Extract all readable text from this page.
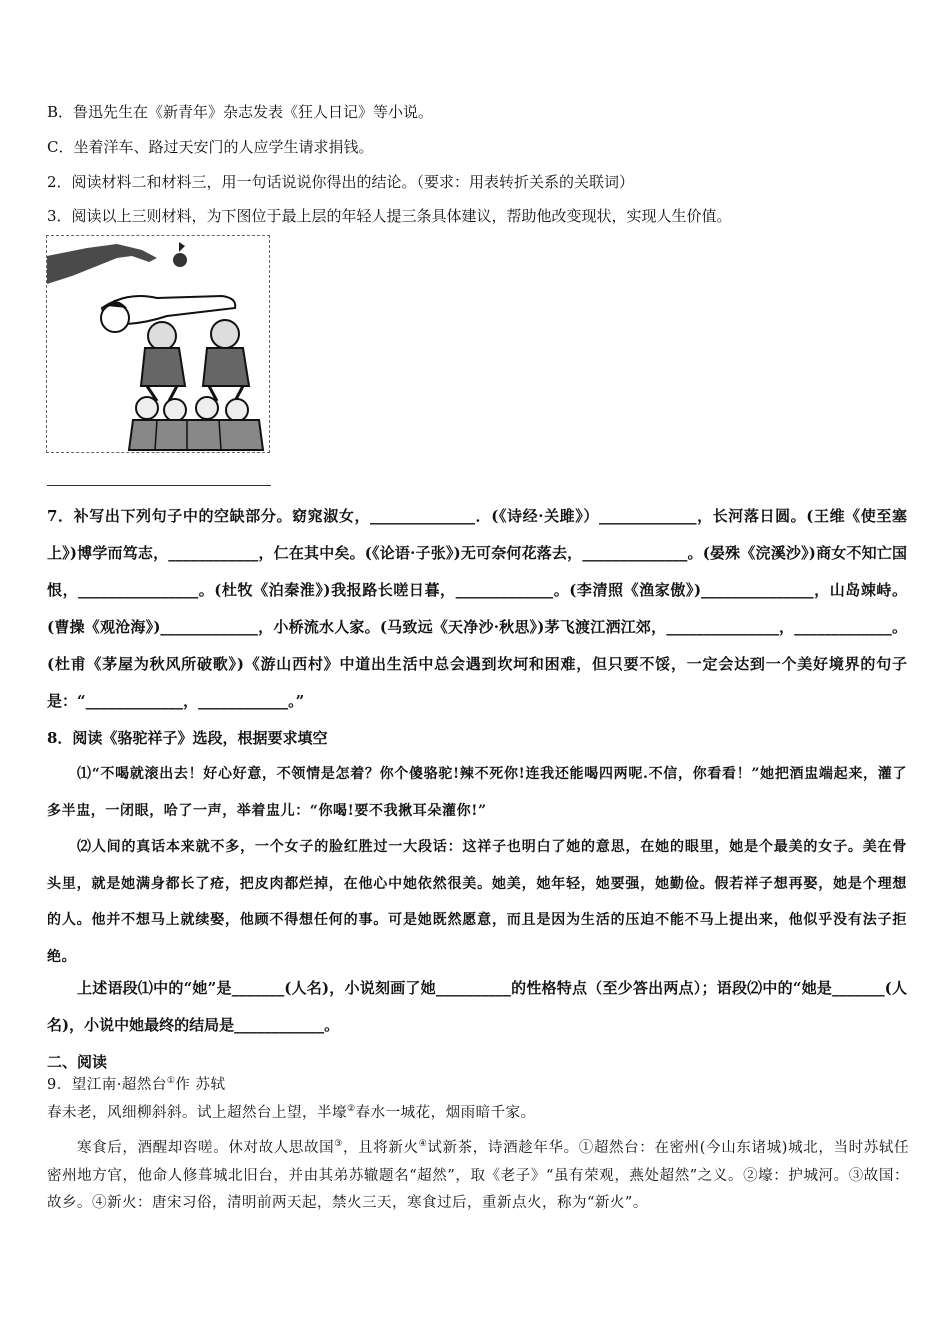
B．鲁迅先生在《新青年》杂志发表《狂人日记》等小说。
C．坐着洋车、路过天安门的人应学生请求捐钱。
2．阅读材料二和材料三，用一句话说说你得出的结论。（要求：用表转折关系的关联词）
3．阅读以上三则材料，为下图位于最上层的年轻人提三条具体建议，帮助他改变现状，实现人生价值。
7．补写出下列句子中的空缺部分。窈窕淑女，______________．(《诗经·关雎》）_____________，长河落日圆。(王维《使至塞上》)博学而笃志，____________，仁在其中矣。(《论语·子张》)无可奈何花落去，______________。(晏殊《浣溪沙》)商女不知亡国恨，________________。(杜牧《泊秦淮》)我报路长嗟日暮，_____________。(李清照《渔家傲》)_______________，山岛竦峙。(曹操《观沧海》)_____________，小桥流水人家。(马致远《天净沙·秋思》)茅飞渡江洒江郊，_______________，_____________。(杜甫《茅屋为秋风所破歌》)《游山西村》中道出生活中总会遇到坎坷和困难，但只要不馁，一定会达到一个美好境界的句子是：“_____________，____________。”
8．阅读《骆驼祥子》选段，根据要求填空

⑴“不喝就滚出去！好心好意，不领情是怎着？你个傻骆驼!辣不死你!连我还能喝四两呢.不信，你看看！”她把酒盅端起来，灌了多半盅，一闭眼，哈了一声，举着盅儿：“你喝!要不我揪耳朵灌你!”

⑵人间的真话本来就不多，一个女子的脸红胜过一大段话：这祥子也明白了她的意思，在她的眼里，她是个最美的女子。美在骨头里，就是她满身都长了疮，把皮肉都烂掉，在他心中她依然很美。她美，她年轻，她要强，她勤俭。假若祥子想再娶，她是个理想的人。他并不想马上就续娶，他顾不得想任何的事。可是她既然愿意，而且是因为生活的压迫不能不马上提出来，他似乎没有法子拒绝。

上述语段⑴中的“她”是_______(人名)，小说刻画了她__________的性格特点（至少答出两点）；语段⑵中的“她是_______(人名)，小说中她最终的结局是____________。

二、阅读
9．望江南·超然台①作 苏轼
春未老，风细柳斜斜。试上超然台上望，半壕②春水一城花，烟雨暗千家。
寒食后，酒醒却咨嗟。休对故人思故国③，且将新火④试新茶，诗酒趁年华。①超然台：在密州(今山东诸城)城北，当时苏轼任密州地方官，他命人修葺城北旧台，并由其弟苏辙题名“超然”，取《老子》“虽有荣观，燕处超然”之义。②壕：护城河。③故国：故乡。④新火：唐宋习俗，清明前两天起，禁火三天，寒食过后，重新点火，称为“新火”。
